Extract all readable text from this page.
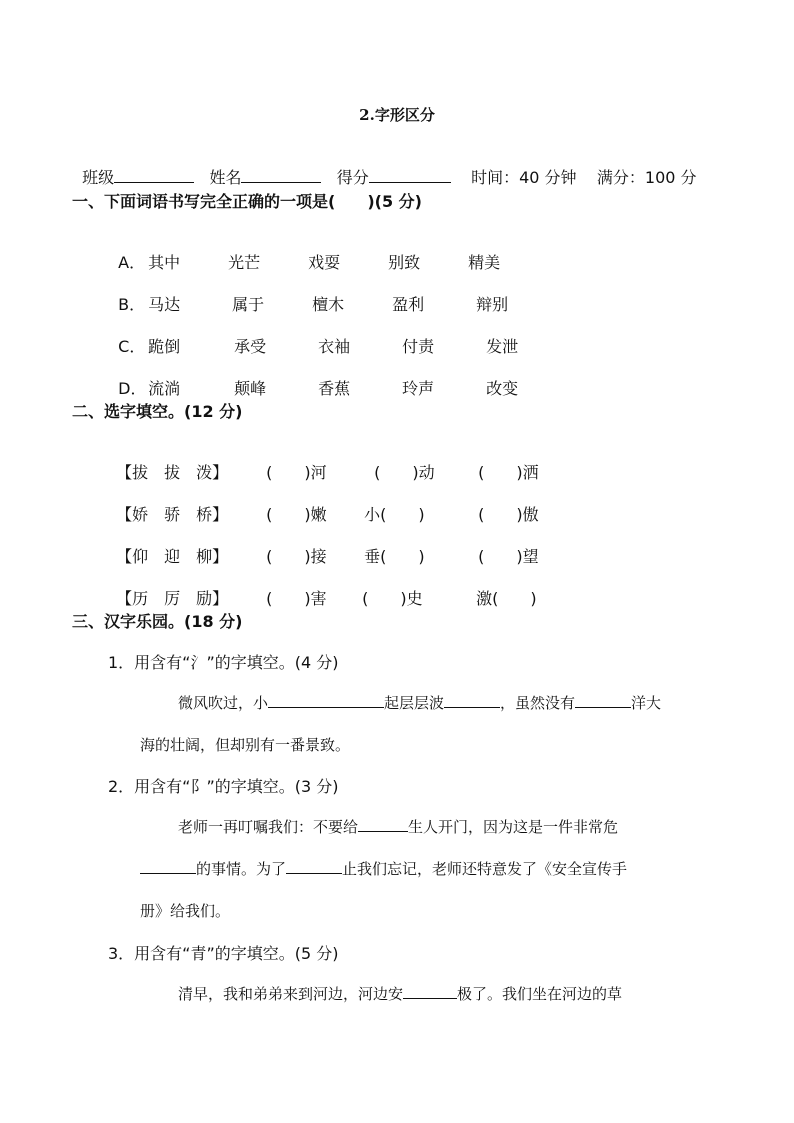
2.字形区分

班级	姓名	得分	时间：40 分钟 满分：100 分

一、下面词语书写完全正确的一项是(　　)(5 分)

A． 其中	光芒	戏耍	别致	精美

B． 马达	属于	檀木	盈利	辩别

C． 跪倒	承受	衣袖	付责	发泄

D． 流淌	颠峰	香蕉	玲声	改变

二、选字填空。(12 分)

【拔　拔　泼】 (　　)河	(　　)动	(　　)洒

【娇　骄　桥】 (　　)嫩 小(　　)	(　　)傲

【仰　迎　柳】 (　　)接 垂(　　)	(　　)望

【历　厉　励】 (　　)害 (　　)史	激(　　)

三、汉字乐园。(18 分)
1．用含有“氵”的字填空。(4 分)
微风吹过，小	起层层波	，虽然没有	洋大
海的壮阔，但却别有一番景致。
2．用含有“阝”的字填空。(3 分)
老师一再叮嘱我们：不要给	生人开门，因为这是一件非常危
的事情。为了	止我们忘记，老师还特意发了《安全宣传手
册》给我们。
3．用含有“青”的字填空。(5 分)
清早，我和弟弟来到河边，河边安	极了。我们坐在河边的草
